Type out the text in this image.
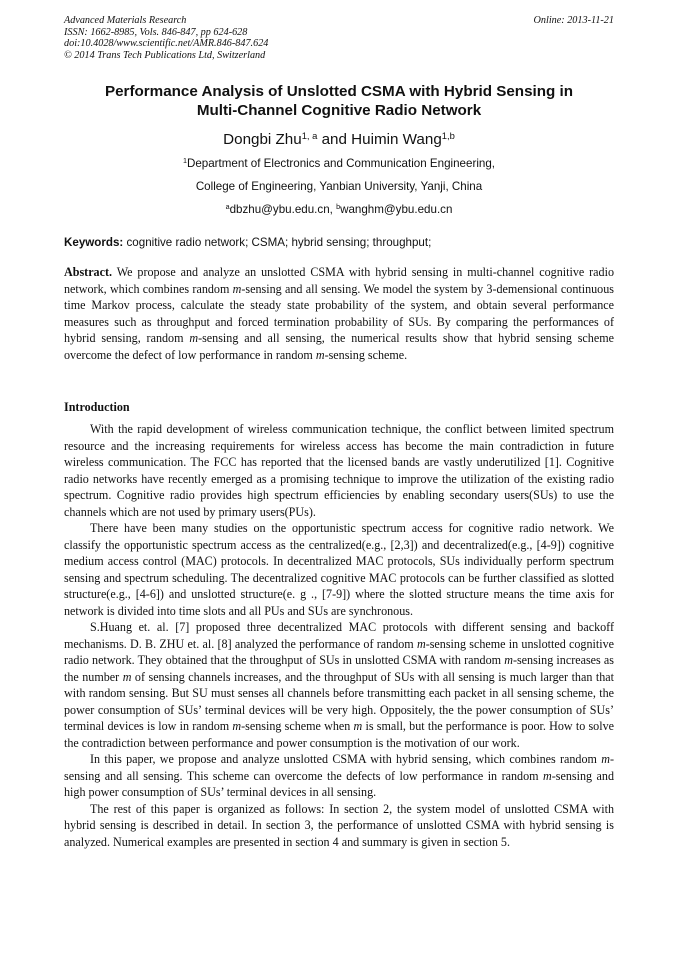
Advanced Materials Research
ISSN: 1662-8985, Vols. 846-847, pp 624-628
doi:10.4028/www.scientific.net/AMR.846-847.624
© 2014 Trans Tech Publications Ltd, Switzerland
Online: 2013-11-21
Performance Analysis of Unslotted CSMA with Hybrid Sensing in
Multi-Channel Cognitive Radio Network
Dongbi Zhu$^{1, a}$ and Huimin Wang$^{1,b}$
$^1$Department of Electronics and Communication Engineering,
College of Engineering, Yanbian University, Yanji, China
$^a$dbzhu@ybu.edu.cn, $^b$wanghm@ybu.edu.cn
Keywords: cognitive radio network; CSMA; hybrid sensing; throughput;

Abstract. We propose and analyze an unslotted CSMA with hybrid sensing in multi-channel cognitive radio network, which combines random m-sensing and all sensing. We model the system by 3-demensional continuous time Markov process, calculate the steady state probability of the system, and obtain several performance measures such as throughput and forced termination probability of SUs. By comparing the performances of hybrid sensing, random m-sensing and all sensing, the numerical results show that hybrid sensing scheme overcome the defect of low performance in random m-sensing scheme.

Introduction

With the rapid development of wireless communication technique, the conflict between limited spectrum resource and the increasing requirements for wireless access has become the main contradiction in future wireless communication. The FCC has reported that the licensed bands are vastly underutilized [1]. Cognitive radio networks have recently emerged as a promising technique to improve the utilization of the existing radio spectrum. Cognitive radio provides high spectrum efficiencies by enabling secondary users(SUs) to use the channels which are not used by primary users(PUs).

There have been many studies on the opportunistic spectrum access for cognitive radio network. We classify the opportunistic spectrum access as the centralized(e.g., [2,3]) and decentralized(e.g., [4-9]) cognitive medium access control (MAC) protocols. In decentralized MAC protocols, SUs individually perform spectrum sensing and spectrum scheduling. The decentralized cognitive MAC protocols can be further classified as slotted structure(e.g., [4-6]) and unslotted structure(e. g ., [7-9]) where the slotted structure means the time axis for network is divided into time slots and all PUs and SUs are synchronous.

S.Huang et. al. [7] proposed three decentralized MAC protocols with different sensing and backoff mechanisms. D. B. ZHU et. al. [8] analyzed the performance of random m-sensing scheme in unslotted cognitive radio network. They obtained that the throughput of SUs in unslotted CSMA with random m-sensing increases as the number m of sensing channels increases, and the throughput of SUs with all sensing is much larger than that with random sensing. But SU must senses all channels before transmitting each packet in all sensing scheme, the power consumption of SUs’ terminal devices will be very high. Oppositely, the the power consumption of SUs’ terminal devices is low in random m-sensing scheme when m is small, but the performance is poor. How to solve the contradiction between performance and power consumption is the motivation of our work.

In this paper, we propose and analyze unslotted CSMA with hybrid sensing, which combines random m-sensing and all sensing. This scheme can overcome the defects of low performance in random m-sensing and high power consumption of SUs’ terminal devices in all sensing.

The rest of this paper is organized as follows: In section 2, the system model of unslotted CSMA with hybrid sensing is described in detail. In section 3, the performance of unslotted CSMA with hybrid sensing is analyzed. Numerical examples are presented in section 4 and summary is given in section 5.
